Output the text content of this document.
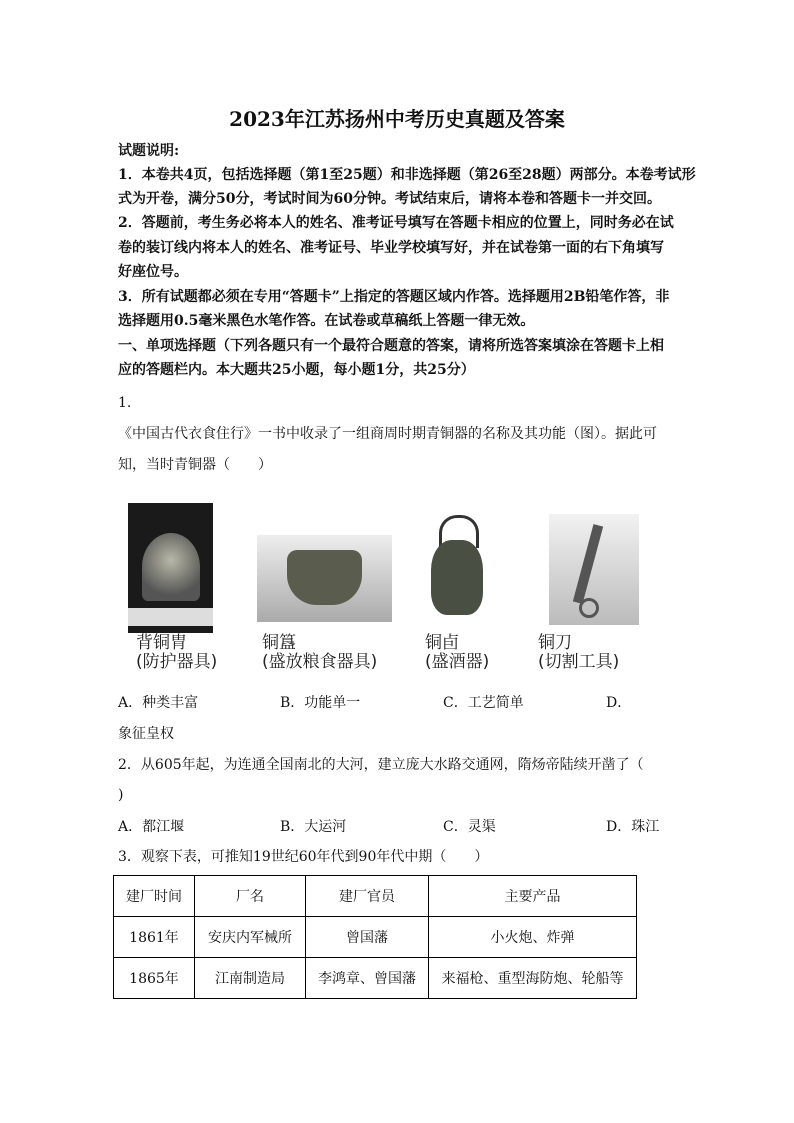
2023年江苏扬州中考历史真题及答案
试题说明:
1．本卷共4页，包括选择题（第1至25题）和非选择题（第26至28题）两部分。本卷考试形
式为开卷，满分50分，考试时间为60分钟。考试结束后，请将本卷和答题卡一并交回。
2．答题前，考生务必将本人的姓名、准考证号填写在答题卡相应的位置上，同时务必在试
卷的装订线内将本人的姓名、准考证号、毕业学校填写好，并在试卷第一面的右下角填写
好座位号。
3．所有试题都必须在专用“答题卡”上指定的答题区域内作答。选择题用2B铅笔作答，非
选择题用0.5毫米黑色水笔作答。在试卷或草稿纸上答题一律无效。
一、单项选择题（下列各题只有一个最符合题意的答案，请将所选答案填涂在答题卡上相
应的答题栏内。本大题共25小题，每小题1分，共25分）
1.
《中国古代衣食住行》一书中收录了一组商周时期青铜器的名称及其功能（图）。据此可
知，当时青铜器（　　）
背铜胄
(防护器具)
铜簋
(盛放粮食器具)
铜卣
(盛酒器)
铜刀
(切割工具)
A．种类丰富	B．功能单一	C．工艺简单	D．
象征皇权
2．从605年起，为连通全国南北的大河，建立庞大水路交通网，隋炀帝陆续开凿了（
)
A．都江堰	B．大运河	C．灵渠	D．珠江
3．观察下表，可推知19世纪60年代到90年代中期（　　）
建厂时间	厂名	建厂官员	主要产品
1861年	安庆内军械所	曾国藩	小火炮、炸弹
1865年	江南制造局	李鸿章、曾国藩	来福枪、重型海防炮、轮船等
